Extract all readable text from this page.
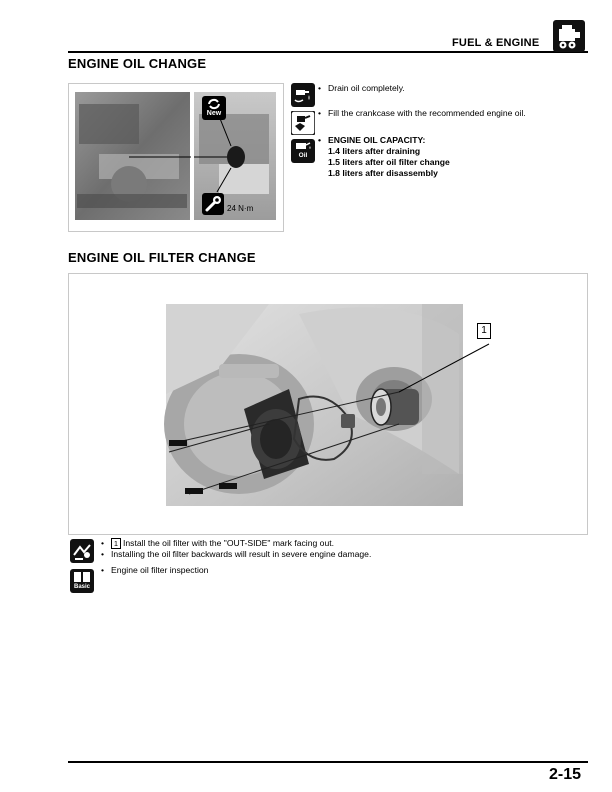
FUEL & ENGINE
ENGINE OIL CHANGE
New
24 N·m
• Drain oil completely.
• Fill the crankcase with the recommended engine oil.
Oil
• ENGINE OIL CAPACITY:
1.4 liters after draining
1.5 liters after oil filter change
1.8 liters after disassembly
ENGINE OIL FILTER CHANGE
1
• 1 Install the oil filter with the "OUT-SIDE" mark facing out.
• Installing the oil filter backwards will result in severe engine damage.
Basic
• Engine oil filter inspection
2-15
